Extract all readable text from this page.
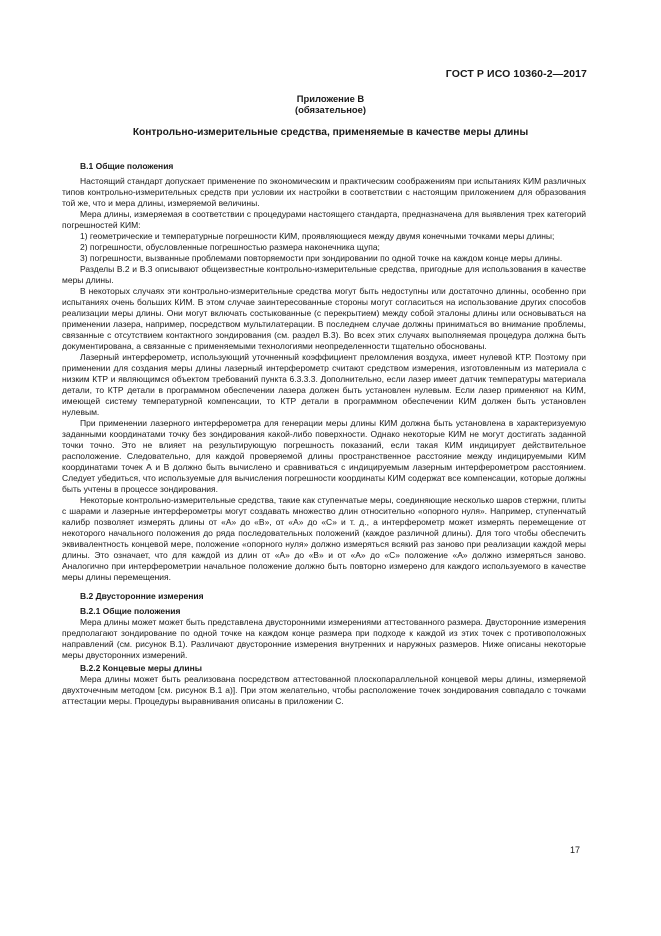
ГОСТ Р ИСО 10360-2—2017
Приложение В
(обязательное)
Контрольно-измерительные средства, применяемые в качестве меры длины
В.1 Общие положения

Настоящий стандарт допускает применение по экономическим и практическим соображениям при испытаниях КИМ различных типов контрольно-измерительных средств при условии их настройки в соответствии с настоящим приложением для образования той же, что и мера длины, измеряемой величины.

Мера длины, измеряемая в соответствии с процедурами настоящего стандарта, предназначена для выявления трех категорий погрешностей КИМ:

1) геометрические и температурные погрешности КИМ, проявляющиеся между двумя конечными точками меры длины;

2) погрешности, обусловленные погрешностью размера наконечника щупа;

3) погрешности, вызванные проблемами повторяемости при зондировании по одной точке на каждом конце меры длины.

Разделы В.2 и В.3 описывают общеизвестные контрольно-измерительные средства, пригодные для использования в качестве меры длины.

В некоторых случаях эти контрольно-измерительные средства могут быть недоступны или достаточно длинны, особенно при испытаниях очень больших КИМ. В этом случае заинтересованные стороны могут согласиться на использование других способов реализации меры длины. Они могут включать состыкованные (с перекрытием) между собой эталоны длины или основываться на применении лазера, например, посредством мультилатерации. В последнем случае должны приниматься во внимание проблемы, связанные с отсутствием контактного зондирования (см. раздел В.3). Во всех этих случаях выполняемая процедура должна быть документирована, а связанные с применяемыми технологиями неопределенности тщательно обоснованы.

Лазерный интерферометр, использующий уточненный коэффициент преломления воздуха, имеет нулевой КТР. Поэтому при применении для создания меры длины лазерный интерферометр считают средством измерения, изготовленным из материала с низким КТР и являющимся объектом требований пункта 6.3.3.3. Дополнительно, если лазер имеет датчик температуры материала детали, то КТР детали в программном обеспечении лазера должен быть установлен нулевым. Если лазер применяют на КИМ, имеющей систему температурной компенсации, то КТР детали в программном обеспечении КИМ должен быть установлен нулевым.

При применении лазерного интерферометра для генерации меры длины КИМ должна быть установлена в характеризуемую заданными координатами точку без зондирования какой-либо поверхности. Однако некоторые КИМ не могут достигать заданной точки точно. Это не влияет на результирующую погрешность показаний, если такая КИМ индицирует действительное расположение. Следовательно, для каждой проверяемой длины пространственное расстояние между индицируемыми КИМ координатами точек А и В должно быть вычислено и сравниваться с индицируемым лазерным интерферометром расстоянием. Следует убедиться, что используемые для вычисления погрешности координаты КИМ содержат все компенсации, которые должны быть учтены в процессе зондирования.

Некоторые контрольно-измерительные средства, такие как ступенчатые меры, соединяющие несколько шаров стержни, плиты с шарами и лазерные интерферометры могут создавать множество длин относительно «опорного нуля». Например, ступенчатый калибр позволяет измерять длины от «А» до «В», от «А» до «С» и т. д., а интерферометр может измерять перемещение от некоторого начального положения до ряда последовательных положений (каждое различной длины). Для того чтобы обеспечить эквивалентность концевой мере, положение «опорного нуля» должно измеряться всякий раз заново при реализации каждой меры длины. Это означает, что для каждой из длин от «А» до «В» и от «А» до «С» положение «А» должно измеряться заново. Аналогично при интерферометрии начальное положение должно быть повторно измерено для каждого используемого в качестве меры длины перемещения.

В.2 Двусторонние измерения
В.2.1 Общие положения

Мера длины может может быть представлена двусторонними измерениями аттестованного размера. Двусторонние измерения предполагают зондирование по одной точке на каждом конце размера при подходе к каждой из этих точек с противоположных направлений (см. рисунок В.1). Различают двусторонние измерения внутренних и наружных размеров. Ниже описаны некоторые меры двусторонних измерений.

В.2.2 Концевые меры длины

Мера длины может быть реализована посредством аттестованной плоскопараллельной концевой меры длины, измеряемой двухточечным методом [см. рисунок В.1 а)]. При этом желательно, чтобы расположение точек зондирования совпадало с точками аттестации меры. Процедуры выравнивания описаны в приложении С.

17
